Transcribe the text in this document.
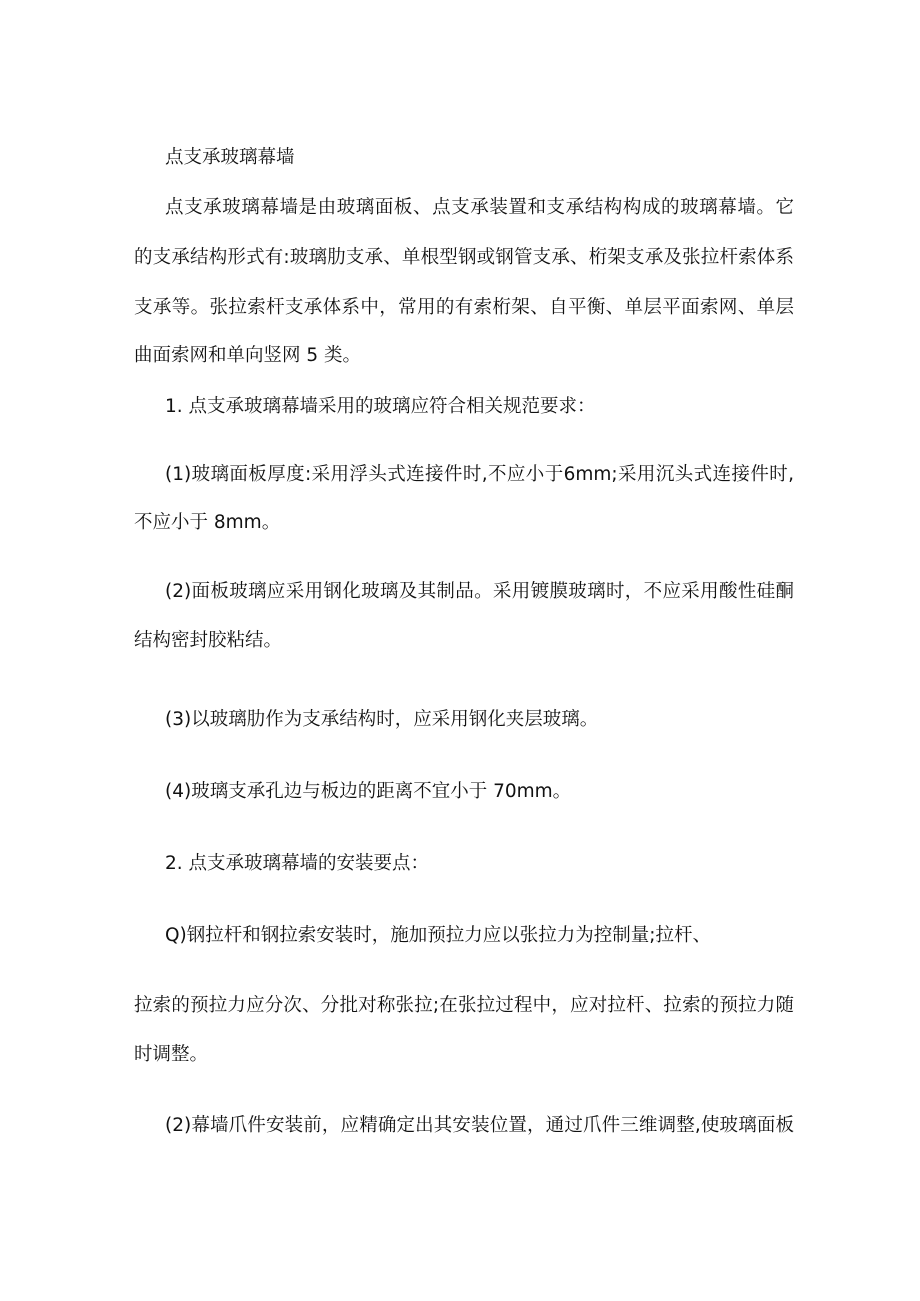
点支承玻璃幕墙

点支承玻璃幕墙是由玻璃面板、点支承装置和支承结构构成的玻璃幕墙。它

的支承结构形式有:玻璃肋支承、单根型钢或钢管支承、桁架支承及张拉杆索体系

支承等。张拉索杆支承体系中，常用的有索桁架、自平衡、单层平面索网、单层

曲面索网和单向竖网 5 类。

1. 点支承玻璃幕墙采用的玻璃应符合相关规范要求：

(1)玻璃面板厚度:采用浮头式连接件时,不应小于6mm;采用沉头式连接件时,

不应小于 8mm。

(2)面板玻璃应采用钢化玻璃及其制品。采用镀膜玻璃时，不应采用酸性硅酮

结构密封胶粘结。

(3)以玻璃肋作为支承结构时，应采用钢化夹层玻璃。

(4)玻璃支承孔边与板边的距离不宜小于 70mm。

2. 点支承玻璃幕墙的安装要点：

Q)钢拉杆和钢拉索安装时，施加预拉力应以张拉力为控制量;拉杆、

拉索的预拉力应分次、分批对称张拉;在张拉过程中，应对拉杆、拉索的预拉力随

时调整。

(2)幕墙爪件安装前，应精确定出其安装位置，通过爪件三维调整,使玻璃面板
